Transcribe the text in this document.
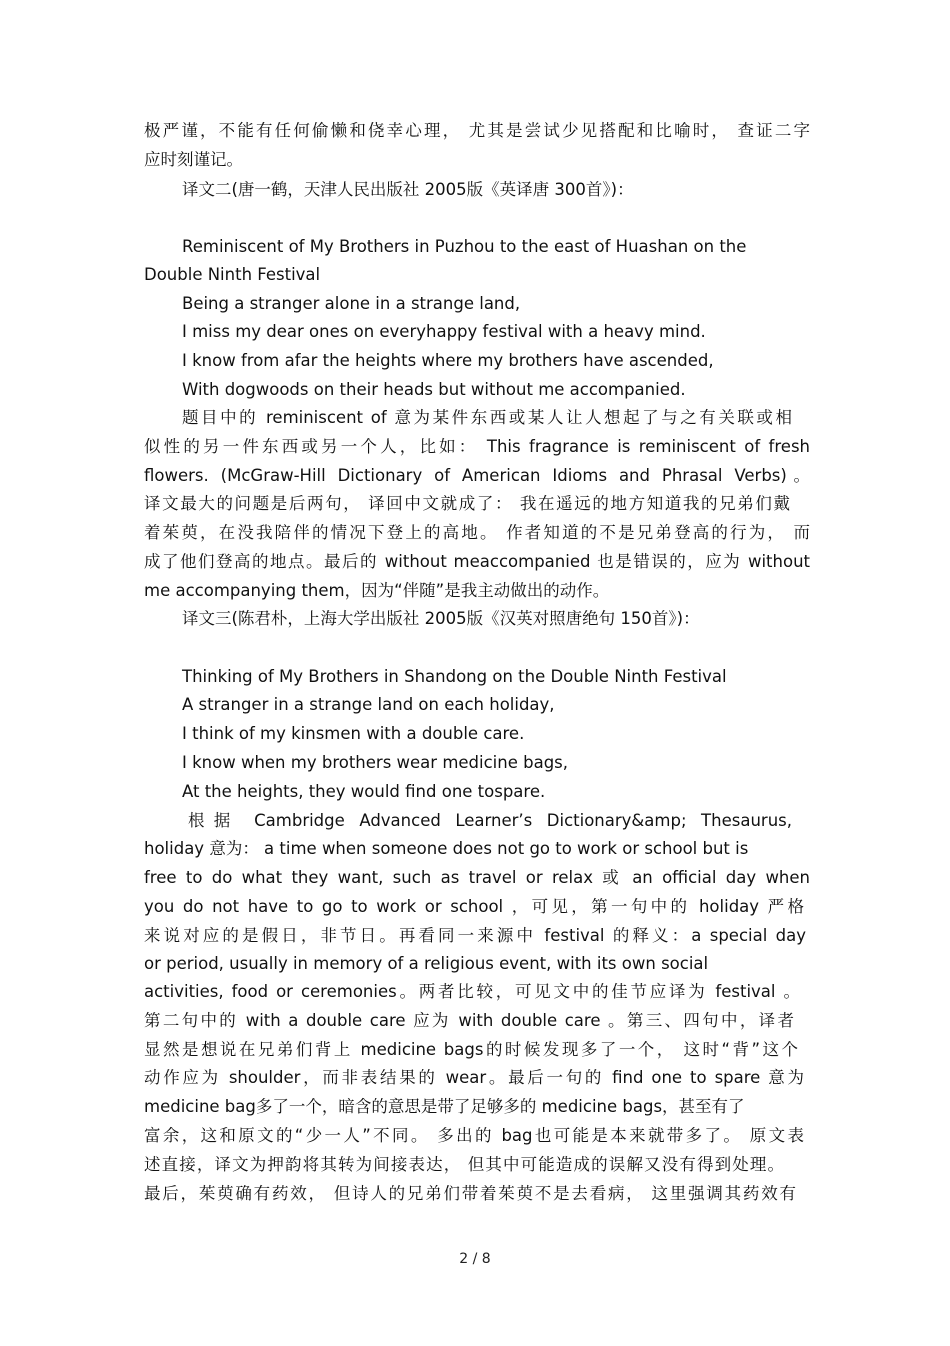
极严谨，不能有任何偷懒和侥幸心理， 尤其是尝试少见搭配和比喻时， 查证二字
应时刻谨记。
译文二(唐一鹤，天津人民出版社 2005版《英译唐 300首》)：
Reminiscent of My Brothers in Puzhou to the east of Huashan on the
Double Ninth Festival
Being a stranger alone in a strange land,
I miss my dear ones on everyhappy festival with a heavy mind.
I know from afar the heights where my brothers have ascended,
With dogwoods on their heads but without me accompanied.
题目中的 reminiscent of 意为某件东西或某人让人想起了与之有关联或相
似性的另一件东西或另一个人，比如： This fragrance is reminiscent of fresh
flowers. (McGraw-Hill Dictionary of American Idioms and Phrasal Verbs)。
译文最大的问题是后两句， 译回中文就成了： 我在遥远的地方知道我的兄弟们戴
着茱萸，在没我陪伴的情况下登上的高地。 作者知道的不是兄弟登高的行为， 而
成了他们登高的地点。最后的 without meaccompanied 也是错误的，应为 without
me accompanying them，因为“伴随”是我主动做出的动作。
译文三(陈君朴，上海大学出版社 2005版《汉英对照唐绝句 150首》)：
Thinking of My Brothers in Shandong on the Double Ninth Festival
A stranger in a strange land on each holiday,
I think of my kinsmen with a double care.
I know when my brothers wear medicine bags,
At the heights, they would find one tospare.
根据 Cambridge Advanced Learner’s Dictionary&amp; Thesaurus,
holiday 意为： a time when someone does not go to work or school but is
free to do what they want, such as travel or relax 或 an official day when
you do not have to go to work or school ，可见，第一句中的 holiday 严格
来说对应的是假日，非节日。再看同一来源中 festival 的释义：a special day
or period, usually in memory of a religious event, with its own social
activities, food or ceremonies。两者比较，可见文中的佳节应译为 festival 。
第二句中的 with a double care 应为 with double care 。第三、四句中，译者
显然是想说在兄弟们背上 medicine bags的时候发现多了一个， 这时“背”这个
动作应为 shoulder，而非表结果的 wear。最后一句的 find one to spare 意为
medicine bag多了一个，暗含的意思是带了足够多的 medicine bags，甚至有了
富余，这和原文的“少一人”不同。 多出的 bag也可能是本来就带多了。 原文表
述直接，译文为押韵将其转为间接表达， 但其中可能造成的误解又没有得到处理。
最后，茱萸确有药效， 但诗人的兄弟们带着茱萸不是去看病， 这里强调其药效有
2 / 8
